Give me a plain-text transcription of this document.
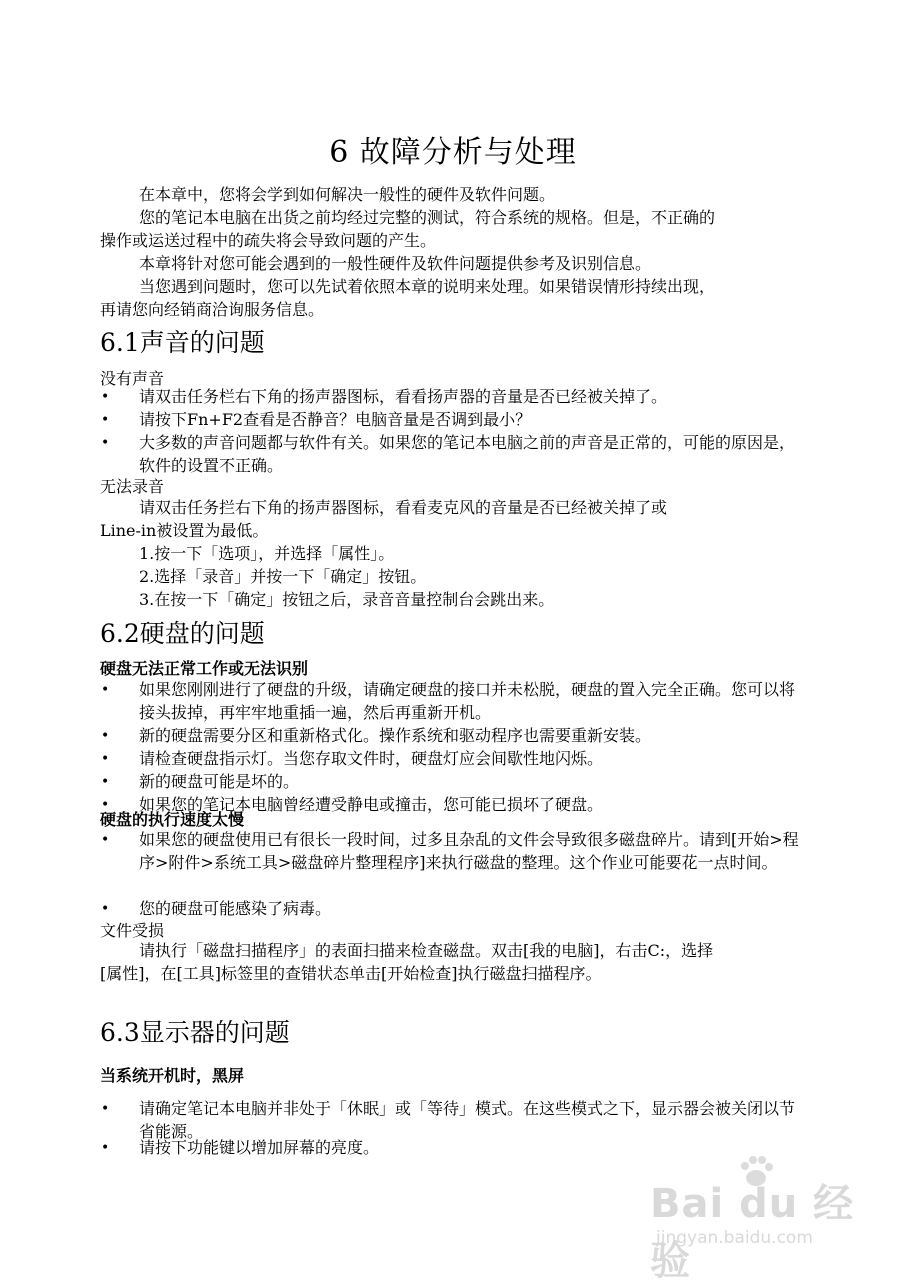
6 故障分析与处理
在本章中，您将会学到如何解决一般性的硬件及软件问题。
您的笔记本电脑在出货之前均经过完整的测试，符合系统的规格。但是，不正确的
操作或运送过程中的疏失将会导致问题的产生。
本章将针对您可能会遇到的一般性硬件及软件问题提供参考及识别信息。
当您遇到问题时，您可以先试着依照本章的说明来处理。如果错误情形持续出现，
再请您向经销商洽询服务信息。
6.1声音的问题
没有声音
• 请双击任务栏右下角的扬声器图标，看看扬声器的音量是否已经被关掉了。
• 请按下Fn+F2查看是否静音？电脑音量是否调到最小？
• 大多数的声音问题都与软件有关。如果您的笔记本电脑之前的声音是正常的，可能的原因是，软件的设置不正确。
无法录音
请双击任务拦右下角的扬声器图标，看看麦克风的音量是否已经被关掉了或
Line-in被设置为最低。
1.按一下「选项」，并选择「属性」。
2.选择「录音」并按一下「确定」按钮。
3.在按一下「确定」按钮之后，录音音量控制台会跳出来。
6.2硬盘的问题
硬盘无法正常工作或无法识别
• 如果您刚刚进行了硬盘的升级，请确定硬盘的接口并未松脱，硬盘的置入完全正确。您可以将接头拔掉，再牢牢地重插一遍，然后再重新开机。
• 新的硬盘需要分区和重新格式化。操作系统和驱动程序也需要重新安装。
• 请检查硬盘指示灯。当您存取文件时，硬盘灯应会间歇性地闪烁。
• 新的硬盘可能是坏的。
• 如果您的笔记本电脑曾经遭受静电或撞击，您可能已损坏了硬盘。
硬盘的执行速度太慢
• 如果您的硬盘使用已有很长一段时间，过多且杂乱的文件会导致很多磁盘碎片。请到[开始>程序>附件>系统工具>磁盘碎片整理程序]来执行磁盘的整理。这个作业可能要花一点时间。
• 您的硬盘可能感染了病毒。
文件受损
请执行「磁盘扫描程序」的表面扫描来检查磁盘。双击[我的电脑]，右击C:，选择
[属性]，在[工具]标签里的查错状态单击[开始检查]执行磁盘扫描程序。
6.3显示器的问题
当系统开机时，黑屏
• 请确定笔记本电脑并非处于「休眠」或「等待」模式。在这些模式之下，显示器会被关闭以节省能源。
• 请按下功能键以增加屏幕的亮度。
Bai du 经验
jingyan.baidu.com
